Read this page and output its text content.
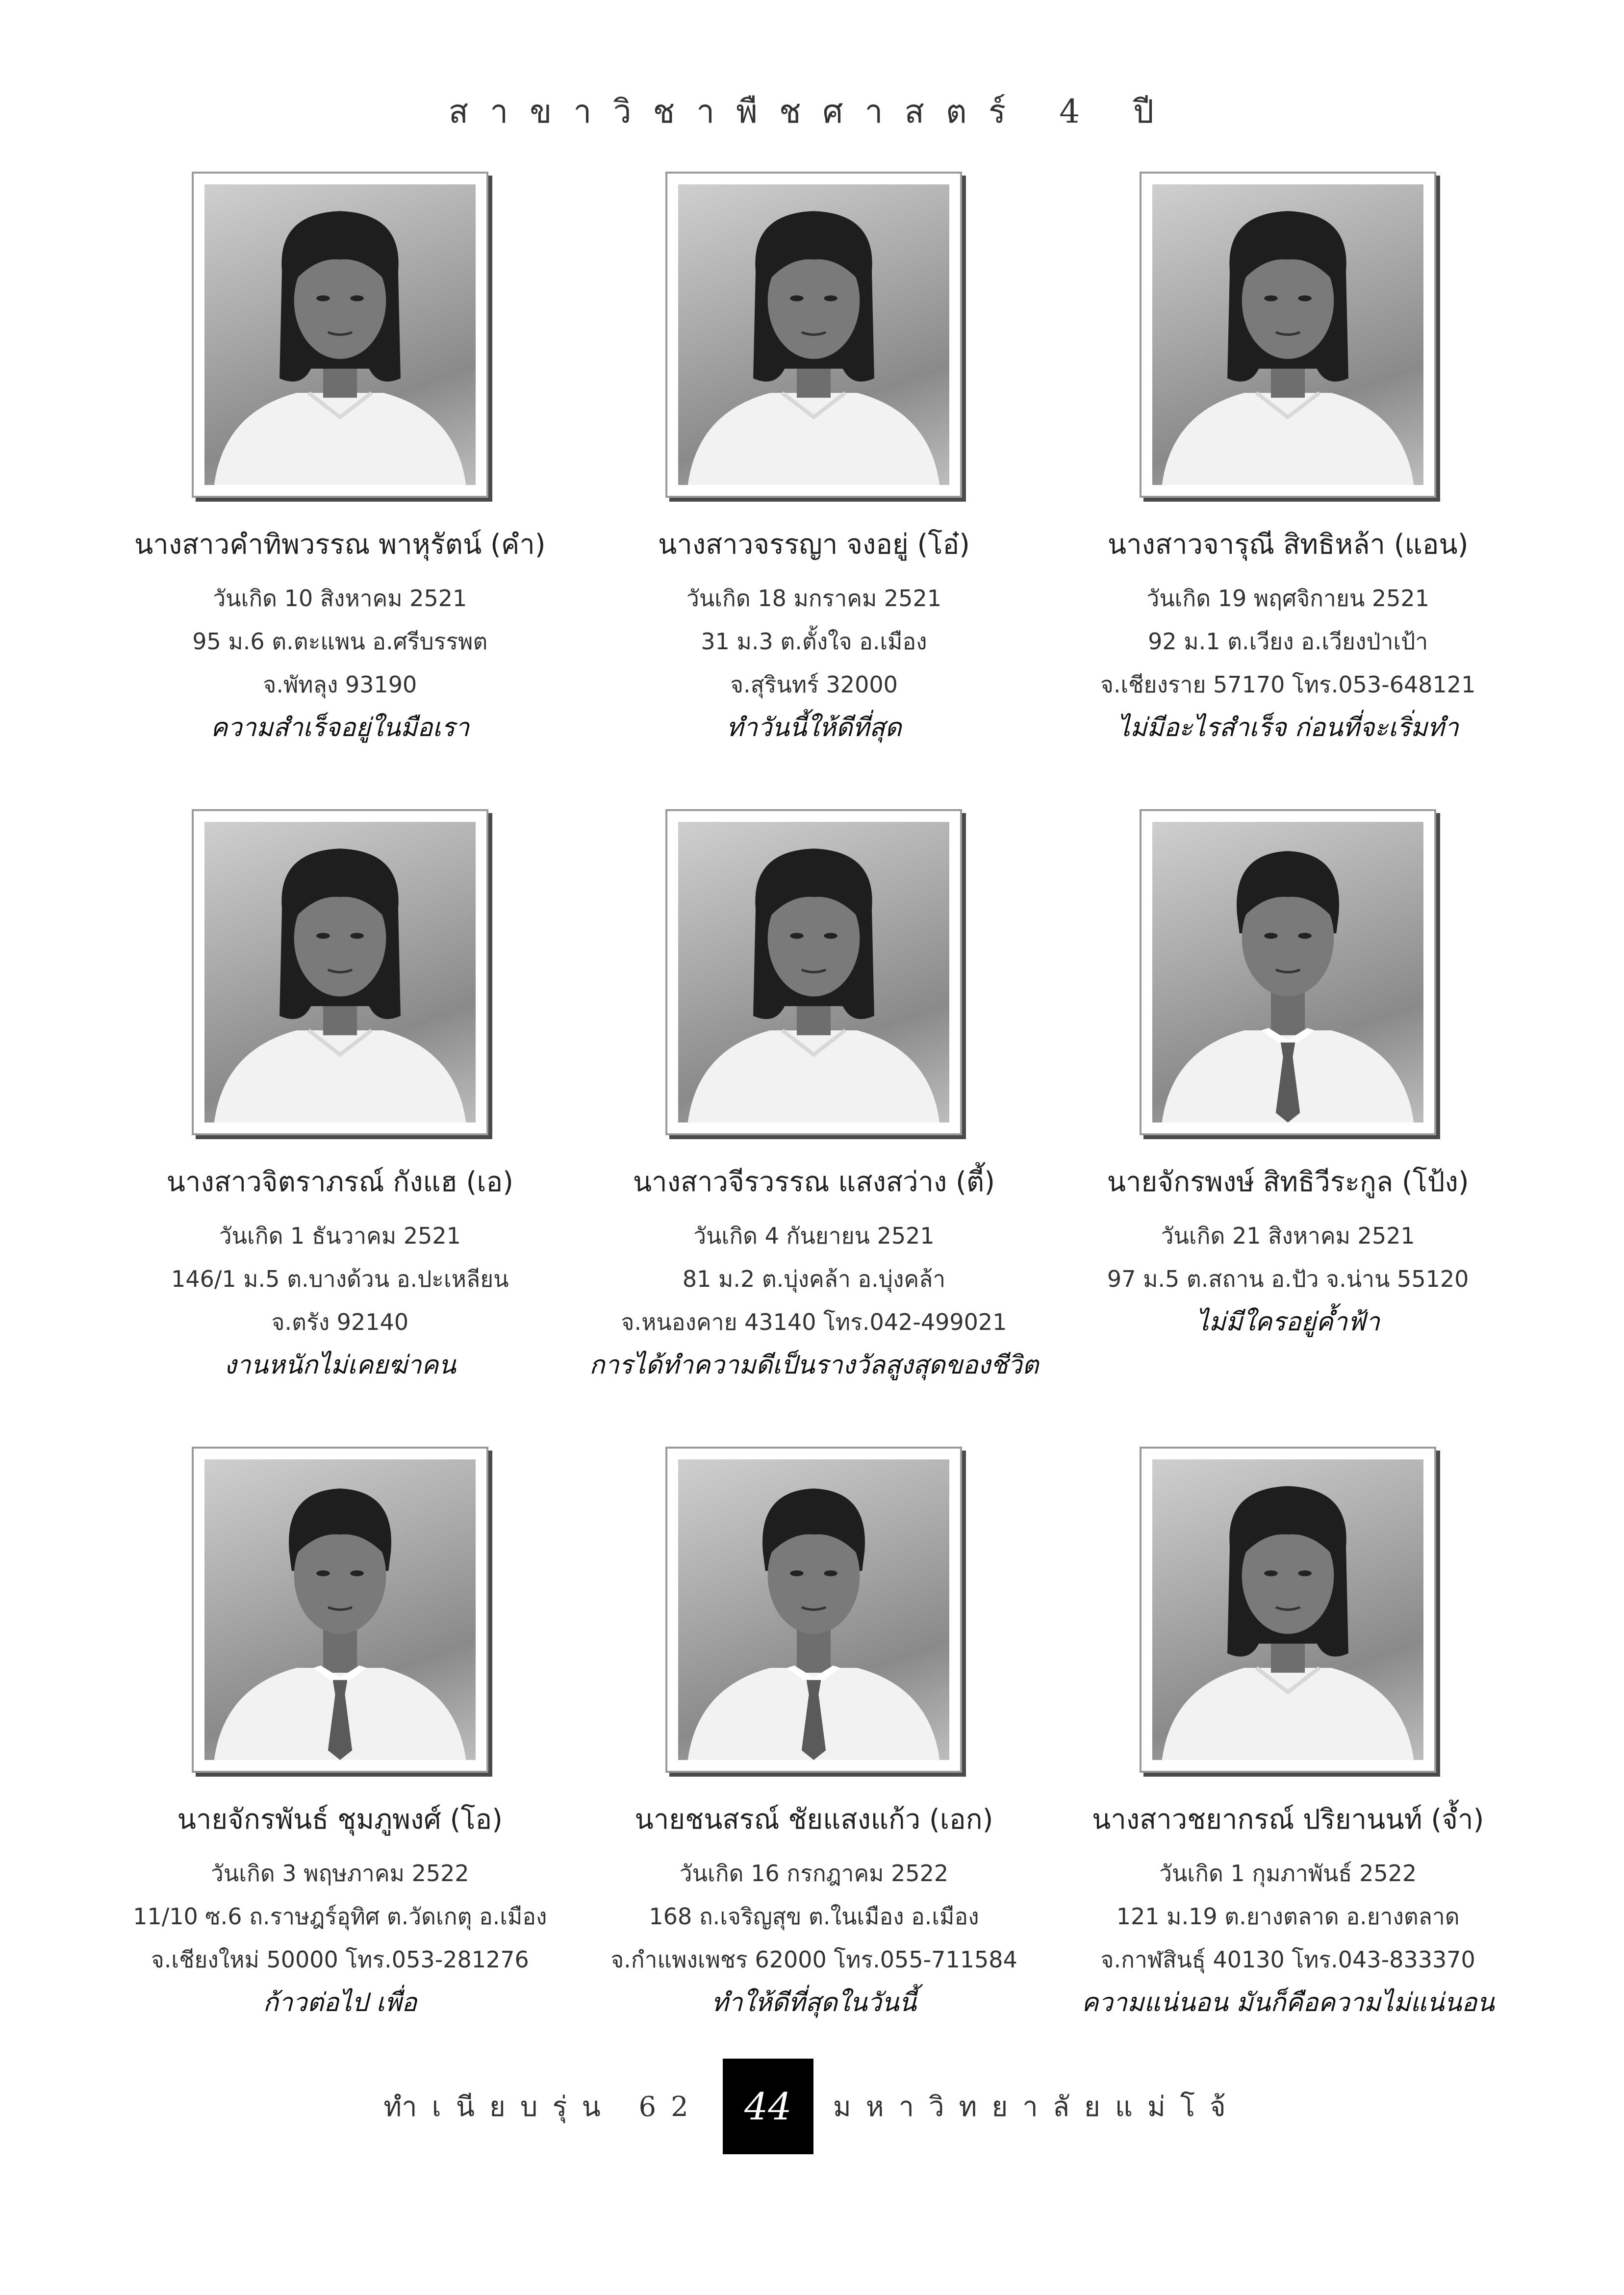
สาขาวิชาพืชศาสตร์ 4 ปี
นางสาวคำทิพวรรณ พาหุรัตน์ (คำ)
วันเกิด 10 สิงหาคม 2521
95 ม.6 ต.ตะแพน อ.ศรีบรรพต
จ.พัทลุง 93190
ความสำเร็จอยู่ในมือเรา
นางสาวจรรญา จงอยู่ (โอ๋)
วันเกิด 18 มกราคม 2521
31 ม.3 ต.ตั้งใจ อ.เมือง
จ.สุรินทร์ 32000
ทำวันนี้ให้ดีที่สุด
นางสาวจารุณี สิทธิหล้า (แอน)
วันเกิด 19 พฤศจิกายน 2521
92 ม.1 ต.เวียง อ.เวียงป่าเป้า
จ.เชียงราย 57170 โทร.053-648121
ไม่มีอะไรสำเร็จ ก่อนที่จะเริ่มทำ
นางสาวจิตราภรณ์ กังแฮ (เอ)
วันเกิด 1 ธันวาคม 2521
146/1 ม.5 ต.บางด้วน อ.ปะเหลียน
จ.ตรัง 92140
งานหนักไม่เคยฆ่าคน
นางสาวจีรวรรณ แสงสว่าง (ตี้)
วันเกิด 4 กันยายน 2521
81 ม.2 ต.บุ่งคล้า อ.บุ่งคล้า
จ.หนองคาย 43140 โทร.042-499021
การได้ทำความดีเป็นรางวัลสูงสุดของชีวิต
นายจักรพงษ์ สิทธิวีระกูล (โป้ง)
วันเกิด 21 สิงหาคม 2521
97 ม.5 ต.สถาน อ.ปัว จ.น่าน 55120
ไม่มีใครอยู่ค้ำฟ้า
นายจักรพันธ์ ชุมภูพงศ์ (โอ)
วันเกิด 3 พฤษภาคม 2522
11/10 ซ.6 ถ.ราษฎร์อุทิศ ต.วัดเกตุ อ.เมือง
จ.เชียงใหม่ 50000 โทร.053-281276
ก้าวต่อไป เพื่อ
นายชนสรณ์ ชัยแสงแก้ว (เอก)
วันเกิด 16 กรกฎาคม 2522
168 ถ.เจริญสุข ต.ในเมือง อ.เมือง
จ.กำแพงเพชร 62000 โทร.055-711584
ทำให้ดีที่สุดในวันนี้
นางสาวชยากรณ์ ปริยานนท์ (จ้ำ)
วันเกิด 1 กุมภาพันธ์ 2522
121 ม.19 ต.ยางตลาด อ.ยางตลาด
จ.กาฬสินธุ์ 40130 โทร.043-833370
ความแน่นอน มันก็คือความไม่แน่นอน
ทำเนียบรุ่น 62	44	มหาวิทยาลัยแม่โจ้
